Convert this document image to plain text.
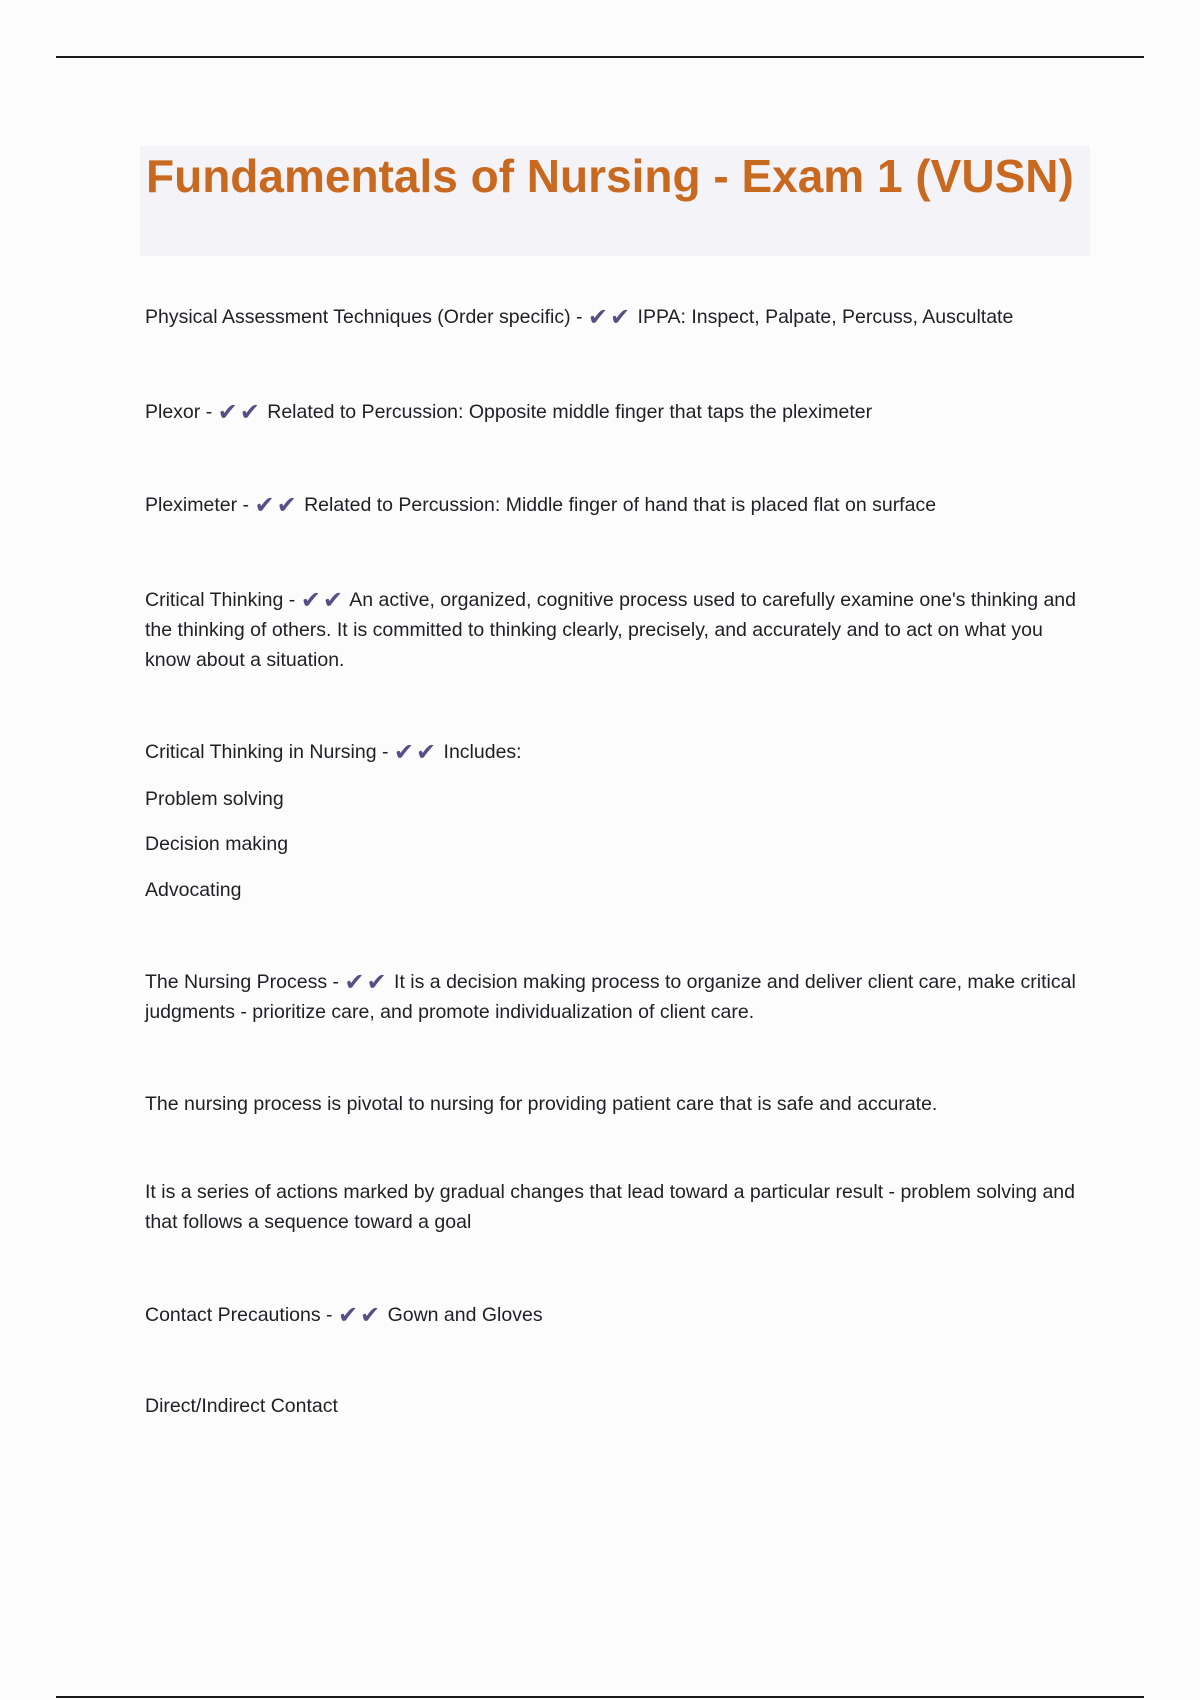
Fundamentals of Nursing - Exam 1 (VUSN)

Physical Assessment Techniques (Order specific) - ✔✔ IPPA: Inspect, Palpate, Percuss, Auscultate

Plexor - ✔✔ Related to Percussion: Opposite middle finger that taps the pleximeter

Pleximeter - ✔✔ Related to Percussion: Middle finger of hand that is placed flat on surface

Critical Thinking - ✔✔ An active, organized, cognitive process used to carefully examine one's thinking and the thinking of others. It is committed to thinking clearly, precisely, and accurately and to act on what you know about a situation.

Critical Thinking in Nursing - ✔✔ Includes:

Problem solving

Decision making

Advocating

The Nursing Process - ✔✔ It is a decision making process to organize and deliver client care, make critical judgments - prioritize care, and promote individualization of client care.

The nursing process is pivotal to nursing for providing patient care that is safe and accurate.

It is a series of actions marked by gradual changes that lead toward a particular result - problem solving and that follows a sequence toward a goal

Contact Precautions - ✔✔ Gown and Gloves

Direct/Indirect Contact
